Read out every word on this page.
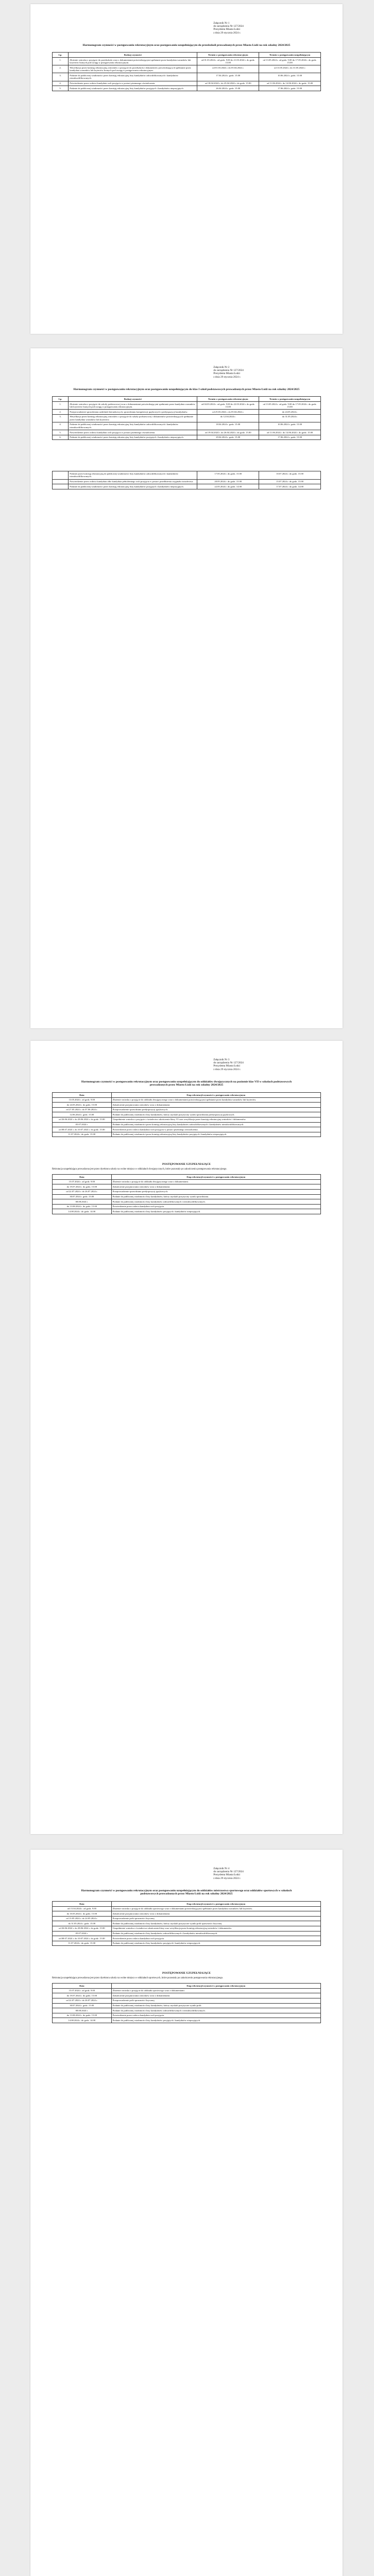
Załącznik Nr 1
do zarządzenia Nr 127/2024
Prezydenta Miasta Łodzi
z dnia 29 stycznia 2024 r.
Harmonogram czynności w postępowaniu rekrutacyjnym oraz postępowaniu uzupełniającym do przedszkoli prowadzonych przez Miasto Łódź na rok szkolny 2024/2025
Lp.	Rodzaj czynności	Termin w postępowaniu rekrutacyjnym	Termin w postępowaniu uzupełniającym
1.	Złożenie wniosku o przyjęcie do przedszkola wraz z dokumentami potwierdzającymi spełnianie przez kandydata warunków lub kryteriów branych pod uwagę w postępowaniu rekrutacyjnym.	od 01.03.2024 r. od godz. 9.00 do 21.03.2024 r. do godz. 15.00	od 13.05.2024 r. od godz. 9.00 do 17.05.2024 r. do godz. 15.00
2.	Weryfikacja przez komisję rekrutacyjną wniosków o przyjęcie do przedszkola i dokumentów potwierdzających spełnianie przez kandydata warunków lub kryteriów branych pod uwagę w postępowaniu rekrutacyjnym.	od 01.03.2024 r. do 05.04.2024 r.	od 13.05.2024 r. do 31.05.2024 r.
3.	Podanie do publicznej wiadomości przez komisję rekrutacyjną listy kandydatów zakwalifikowanych i kandydatów niezakwalifikowanych.	17.04.2024 r. godz. 15.00	10.06.2024 r. godz. 15.00
4.	Potwierdzenie przez rodzica kandydata woli przyjęcia w postaci pisemnego oświadczenia.	od 18.04.2024 r. do 25.04.2024 r. do godz. 15.00	od 11.06.2024 r. do 14.06.2024 r. do godz. 15.00
5.	Podanie do publicznej wiadomości przez komisję rekrutacyjną listy kandydatów przyjętych i kandydatów nieprzyjętych.	26.04.2024 r. godz. 15.00	17.06.2024 r. godz. 15.00
Załącznik Nr 2
do zarządzenia Nr 127/2024
Prezydenta Miasta Łodzi
z dnia 29 stycznia 2024 r.
Harmonogram czynności w postępowaniu rekrutacyjnym oraz postępowaniu uzupełniającym do klas I szkół podstawowych prowadzonych przez Miasto Łódź na rok szkolny 2024/2025
Lp.	Rodzaj czynności	Termin w postępowaniu rekrutacyjnym	Termin w postępowaniu uzupełniającym
1.	Złożenie wniosku o przyjęcie do szkoły podstawowej wraz z dokumentami potwierdzającymi spełnianie przez kandydata warunków lub kryteriów branych pod uwagę w postępowaniu rekrutacyjnym.	od 04.03.2024 r. od godz. 9.00 do 22.03.2024 r. do godz. 15.00	od 13.05.2024 r. od godz. 9.00 do 17.05.2024 r. do godz. 15.00
2.	Przeprowadzenie sprawdzianu uzdolnień kierunkowych, sprawdzianu kompetencji językowych i predyspozycji kandydatów.	od 25.03.2024 r. do 05.04.2024 r.	do 24.05.2024 r.
3.	Weryfikacja przez komisję rekrutacyjną wniosków o przyjęcie do szkoły podstawowej i dokumentów potwierdzających spełnianie przez kandydata warunków lub kryteriów.	do 12.04.2024 r.	do 31.05.2024 r.
4.	Podanie do publicznej wiadomości przez komisję rekrutacyjną listy kandydatów zakwalifikowanych i kandydatów niezakwalifikowanych.	18.04.2024 r. godz. 15.00	10.06.2024 r. godz. 15.00
5.	Potwierdzenie przez rodzica kandydata woli przyjęcia w postaci pisemnego oświadczenia.	od 19.04.2024 r. do 26.04.2024 r. do godz. 15.00	od 11.06.2024 r. do 14.06.2024 r. do godz. 15.00
6.	Podanie do publicznej wiadomości przez komisję rekrutacyjną listy kandydatów przyjętych i kandydatów nieprzyjętych.	29.04.2024 r. godz. 15.00	17.06.2024 r. godz. 15.00
	Podanie przez komisję rekrutacyjną do publicznej wiadomości listy kandydatów zakwalifikowanych i kandydatów niezakwalifikowanych.	17.05.2024 r. do godz. 15.00	10.07.2024 r. do godz. 15.00
	Potwierdzenie przez rodzica kandydata albo kandydata pełnoletniego woli przyjęcia w postaci przedłożenia oryginału świadectwa.	20.05.2024 r. do godz. 15.00	15.07.2024 r. do godz. 15.00
	Podanie do publicznej wiadomości przez komisję rekrutacyjną listy kandydatów przyjętych i kandydatów nieprzyjętych.	22.05.2024 r. do godz. 14.00	17.07.2024 r. do godz. 14.00
Załącznik Nr 3
do zarządzenia Nr 127/2024
Prezydenta Miasta Łodzi
z dnia 29 stycznia 2024 r.
Harmonogram czynności w postępowaniu rekrutacyjnym oraz postępowaniu uzupełniającym do oddziałów dwujęzycznych na poziomie klas VII w szkołach podstawowych prowadzonych przez Miasto Łódź na rok szkolny 2024/2025
Data	Etap rekrutacji/czynności w postępowaniu rekrutacyjnym
13.05.2024 r. od godz. 9.00	Złożenie wniosku o przyjęcie do oddziału dwujęzycznego wraz z dokumentami potwierdzającymi spełnianie przez kandydata warunków lub kryteriów.
do 24.05.2024 r. do godz. 15.00	Zakończenie przyjmowania wniosków wraz z dokumentami.
od 27.05.2024 r. do 07.06.2024 r.	Przeprowadzenie sprawdzianu predyspozycji językowych.
12.06.2024 r. godz. 15.00	Podanie do publicznej wiadomości listy kandydatów, którzy uzyskali pozytywny wynik sprawdzianu predyspozycji językowych.
od 26.06.2024 r. do 28.06.2024 r. do godz. 15.00	Uzupełnienie wniosku o przyjęcie o świadectwo ukończenia klasy VI oraz weryfikacja przez komisję rekrutacyjną wniosków i dokumentów.
05.07.2024 r.	Podanie do publicznej wiadomości przez komisję rekrutacyjną listy kandydatów zakwalifikowanych i kandydatów niezakwalifikowanych.
od 08.07.2024 r. do 10.07.2024 r. do godz. 15.00	Potwierdzenie przez rodzica kandydata woli przyjęcia w postaci pisemnego oświadczenia.
11.07.2024 r. do godz. 15.00	Podanie do publicznej wiadomości przez komisję rekrutacyjną listy kandydatów przyjętych i kandydatów nieprzyjętych.
POSTĘPOWANIE UZUPEŁNIAJĄCE
Rekrutacja uzupełniająca prowadzona jest przez dyrektora szkoły na wolne miejsca w oddziałach dwujęzycznych, które pozostały po zakończeniu postępowania rekrutacyjnego.
Data	Etap rekrutacji/czynności w postępowaniu rekrutacyjnym
15.07.2024 r. od godz. 9.00	Złożenie wniosku o przyjęcie do oddziału dwujęzycznego wraz z dokumentami.
do 19.07.2024 r. do godz. 15.00	Zakończenie przyjmowania wniosków wraz z dokumentami.
od 22.07.2024 r. do 26.07.2024 r.	Przeprowadzenie sprawdzianu predyspozycji językowych.
30.07.2024 r. godz. 15.00	Podanie do publicznej wiadomości listy kandydatów, którzy uzyskali pozytywny wynik sprawdzianu.
08.08.2024 r.	Podanie do publicznej wiadomości listy kandydatów zakwalifikowanych i niezakwalifikowanych.
do 13.08.2024 r. do godz. 15.00	Potwierdzenie przez rodzica kandydata woli przyjęcia.
14.08.2024 r. do godz. 14.00	Podanie do publicznej wiadomości listy kandydatów przyjętych i kandydatów nieprzyjętych.
Załącznik Nr 4
do zarządzenia Nr 127/2024
Prezydenta Miasta Łodzi
z dnia 29 stycznia 2024 r.
Harmonogram czynności w postępowaniu rekrutacyjnym oraz postępowaniu uzupełniającym do oddziałów mistrzostwa sportowego oraz oddziałów sportowych w szkołach podstawowych prowadzonych przez Miasto Łódź na rok szkolny 2024/2025
Data	Etap rekrutacji/czynności w postępowaniu rekrutacyjnym
od 15.04.2024 r. od godz. 9.00	Złożenie wniosku o przyjęcie do oddziału sportowego wraz z dokumentami potwierdzającymi spełnianie przez kandydata warunków lub kryteriów.
do 10.05.2024 r. do godz. 15.00	Zakończenie przyjmowania wniosków wraz z dokumentami.
od 13.05.2024 r. do 24.05.2024 r.	Przeprowadzenie prób sprawności fizycznej.
do 31.05.2024 r. godz. 15.00	Podanie do publicznej wiadomości listy kandydatów, którzy uzyskali pozytywne wyniki prób sprawności fizycznej.
od 26.06.2024 r. do 28.06.2024 r. do godz. 15.00	Uzupełnienie wniosku o świadectwo ukończenia klasy oraz weryfikacja przez komisję rekrutacyjną wniosków i dokumentów.
05.07.2024 r.	Podanie do publicznej wiadomości listy kandydatów zakwalifikowanych i kandydatów niezakwalifikowanych.
od 08.07.2024 r. do 10.07.2024 r. do godz. 15.00	Potwierdzenie przez rodzica kandydata woli przyjęcia.
11.07.2024 r. do godz. 15.00	Podanie do publicznej wiadomości listy kandydatów przyjętych i kandydatów nieprzyjętych.
POSTĘPOWANIE UZUPEŁNIAJĄCE
Rekrutacja uzupełniająca prowadzona jest przez dyrektora szkoły na wolne miejsca w oddziałach sportowych, które pozostały po zakończeniu postępowania rekrutacyjnego.
Data	Etap rekrutacji/czynności w postępowaniu rekrutacyjnym
15.07.2024 r. od godz. 9.00	Złożenie wniosku o przyjęcie do oddziału sportowego wraz z dokumentami.
do 19.07.2024 r. do godz. 15.00	Zakończenie przyjmowania wniosków wraz z dokumentami.
od 22.07.2024 r. do 26.07.2024 r.	Przeprowadzenie prób sprawności fizycznej.
30.07.2024 r. godz. 15.00	Podanie do publicznej wiadomości listy kandydatów, którzy uzyskali pozytywne wyniki prób.
08.08.2024 r.	Podanie do publicznej wiadomości listy kandydatów zakwalifikowanych i niezakwalifikowanych.
do 13.08.2024 r. do godz. 15.00	Potwierdzenie przez rodzica kandydata woli przyjęcia.
14.08.2024 r. do godz. 14.00	Podanie do publicznej wiadomości listy kandydatów przyjętych i kandydatów nieprzyjętych.
